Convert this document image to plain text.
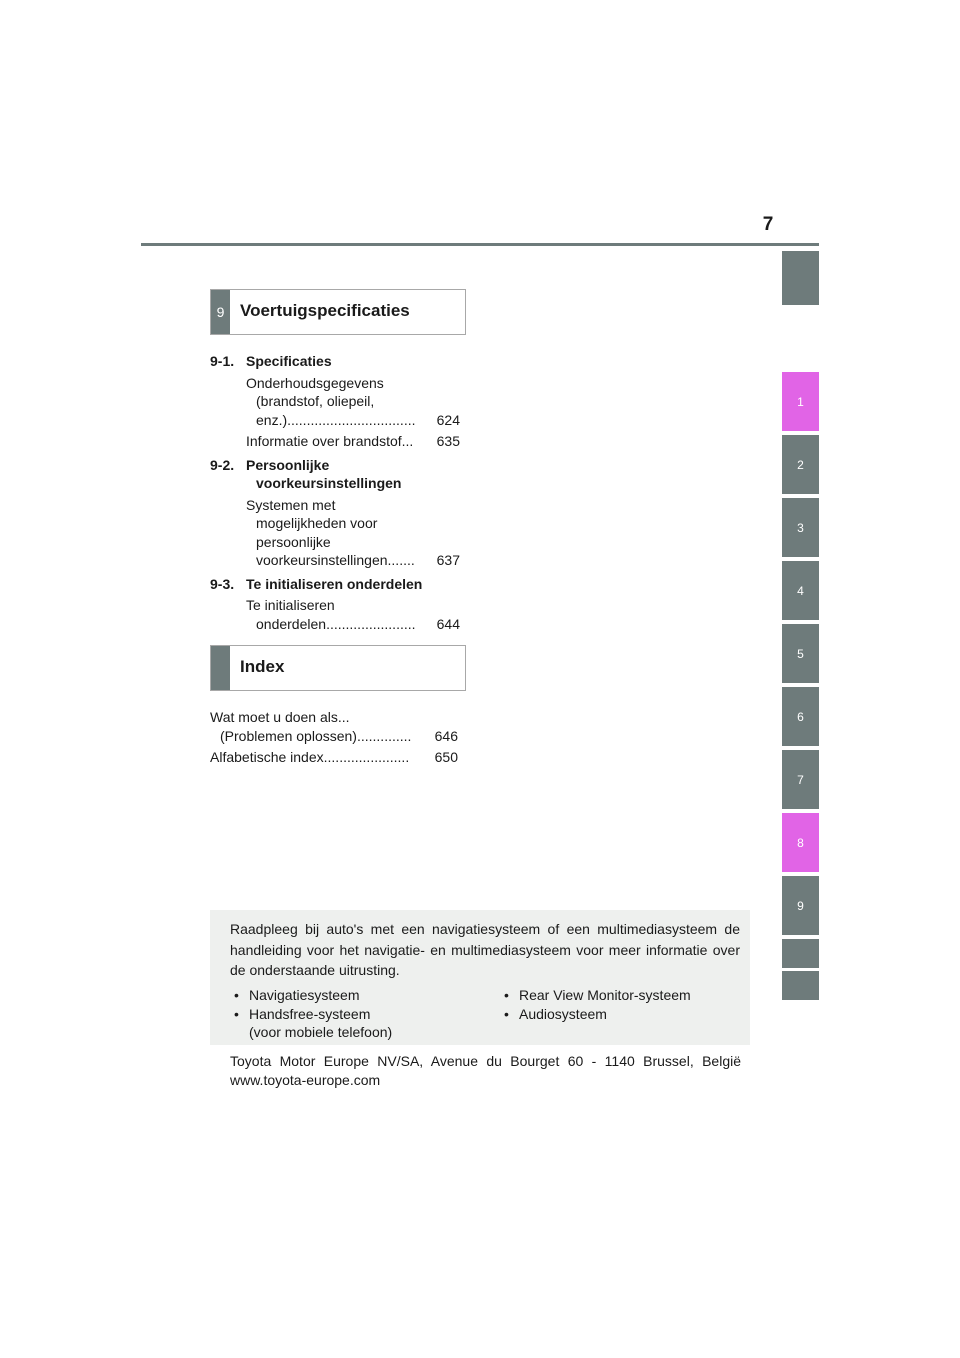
7
1
2
3
4
5
6
7
8
9
9 Voertuigspecificaties
9-1. Specificaties
Onderhoudsgegevens
(brandstof, oliepeil,
enz.) .................................	624
Informatie over brandstof ...	635
9-2. Persoonlijke
voorkeursinstellingen
Systemen met
mogelijkheden voor
persoonlijke
voorkeursinstellingen .......	637
9-3. Te initialiseren onderdelen
Te initialiseren
onderdelen .......................	644
Index
Wat moet u doen als...
(Problemen oplossen) ..............	646
Alfabetische index ......................	650
Raadpleeg bij auto's met een navigatiesysteem of een multimediasysteem de handleiding voor het navigatie- en multimediasysteem voor meer informatie over de onderstaande uitrusting.
• Navigatiesysteem
• Handsfree-systeem
(voor mobiele telefoon)
• Rear View Monitor-systeem
• Audiosysteem
Toyota Motor Europe NV/SA, Avenue du Bourget 60 - 1140 Brussel, België
www.toyota-europe.com
